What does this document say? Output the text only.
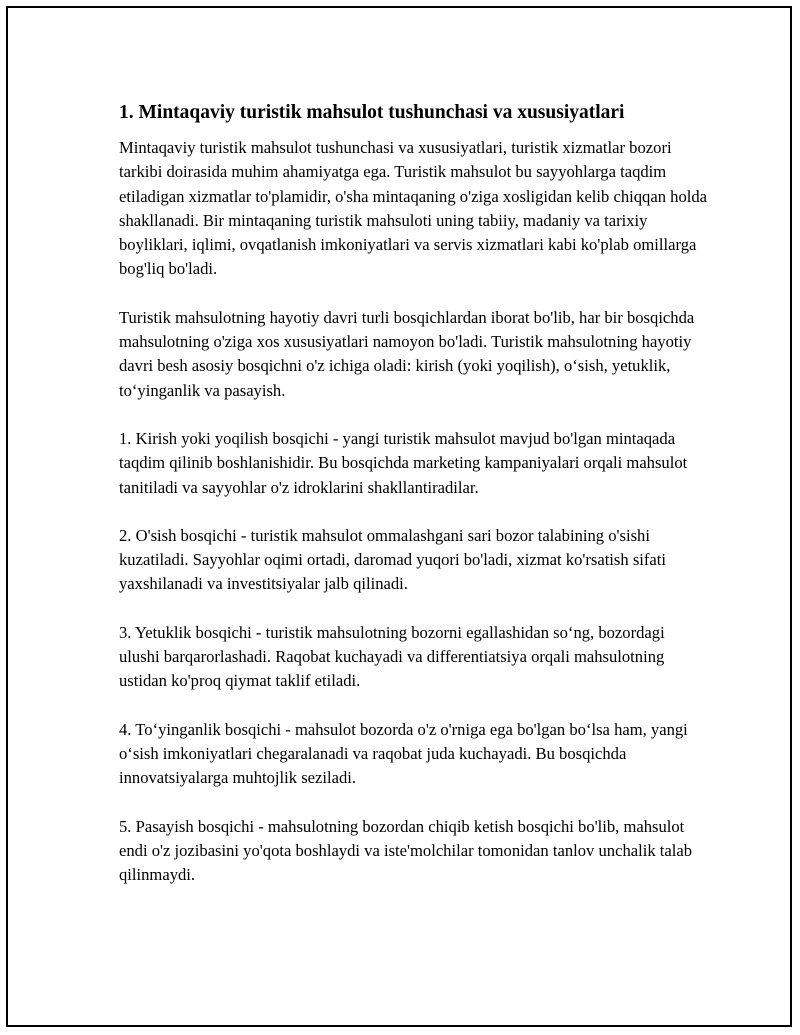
1. Mintaqaviy turistik mahsulot tushunchasi va xususiyatlari

Mintaqaviy turistik mahsulot tushunchasi va xususiyatlari, turistik xizmatlar bozori tarkibi doirasida muhim ahamiyatga ega. Turistik mahsulot bu sayyohlarga taqdim etiladigan xizmatlar to'plamidir, o'sha mintaqaning o'ziga xosligidan kelib chiqqan holda shakllanadi. Bir mintaqaning turistik mahsuloti uning tabiiy, madaniy va tarixiy boyliklari, iqlimi, ovqatlanish imkoniyatlari va servis xizmatlari kabi ko'plab omillarga bog'liq bo'ladi.

Turistik mahsulotning hayotiy davri turli bosqichlardan iborat bo'lib, har bir bosqichda mahsulotning o'ziga xos xususiyatlari namoyon bo'ladi. Turistik mahsulotning hayotiy davri besh asosiy bosqichni o'z ichiga oladi: kirish (yoki yoqilish), o‘sish, yetuklik, to‘yinganlik va pasayish.

1. Kirish yoki yoqilish bosqichi - yangi turistik mahsulot mavjud bo'lgan mintaqada taqdim qilinib boshlanishidir. Bu bosqichda marketing kampaniyalari orqali mahsulot tanitiladi va sayyohlar o'z idroklarini shakllantiradilar.

2. O'sish bosqichi - turistik mahsulot ommalashgani sari bozor talabining o'sishi kuzatiladi. Sayyohlar oqimi ortadi, daromad yuqori bo'ladi, xizmat ko'rsatish sifati yaxshilanadi va investitsiyalar jalb qilinadi.

3. Yetuklik bosqichi - turistik mahsulotning bozorni egallashidan so‘ng, bozordagi ulushi barqarorlashadi. Raqobat kuchayadi va differentiatsiya orqali mahsulotning ustidan ko'proq qiymat taklif etiladi.

4. To‘yinganlik bosqichi - mahsulot bozorda o'z o'rniga ega bo'lgan bo‘lsa ham, yangi o‘sish imkoniyatlari chegaralanadi va raqobat juda kuchayadi. Bu bosqichda innovatsiyalarga muhtojlik seziladi.

5. Pasayish bosqichi - mahsulotning bozordan chiqib ketish bosqichi bo'lib, mahsulot endi o'z jozibasini yo'qota boshlaydi va iste'molchilar tomonidan tanlov unchalik talab qilinmaydi.
